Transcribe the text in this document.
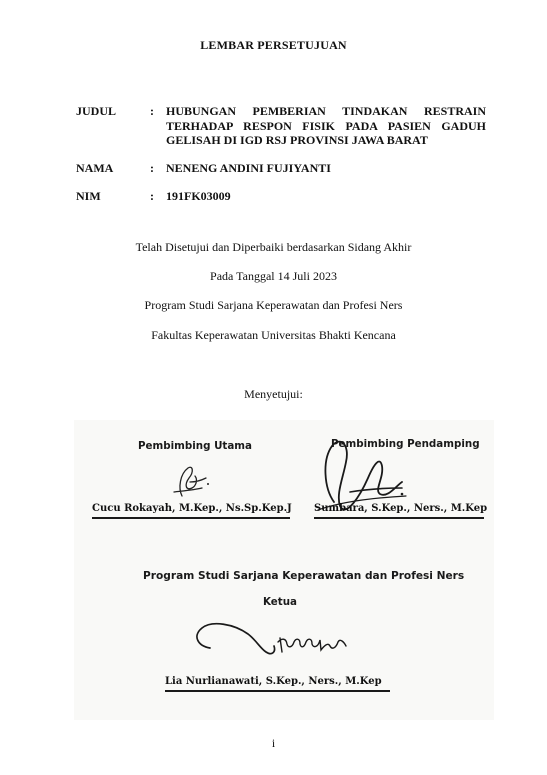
LEMBAR PERSETUJUAN
JUDUL	: HUBUNGAN PEMBERIAN TINDAKAN RESTRAIN
TERHADAP RESPON FISIK PADA PASIEN GADUH
GELISAH DI IGD RSJ PROVINSI JAWA BARAT
NAMA	: NENENG ANDINI FUJIYANTI
NIM	: 191FK03009
Telah Disetujui dan Diperbaiki berdasarkan Sidang Akhir
Pada Tanggal 14 Juli 2023
Program Studi Sarjana Keperawatan dan Profesi Ners
Fakultas Keperawatan Universitas Bhakti Kencana
Menyetujui:
Pembimbing Utama	Pembimbing Pendamping
Cucu Rokayah, M.Kep., Ns.Sp.Kep.J Sumbara, S.Kep., Ners., M.Kep
Program Studi Sarjana Keperawatan dan Profesi Ners
Ketua
Lia Nurlianawati, S.Kep., Ners., M.Kep
i
